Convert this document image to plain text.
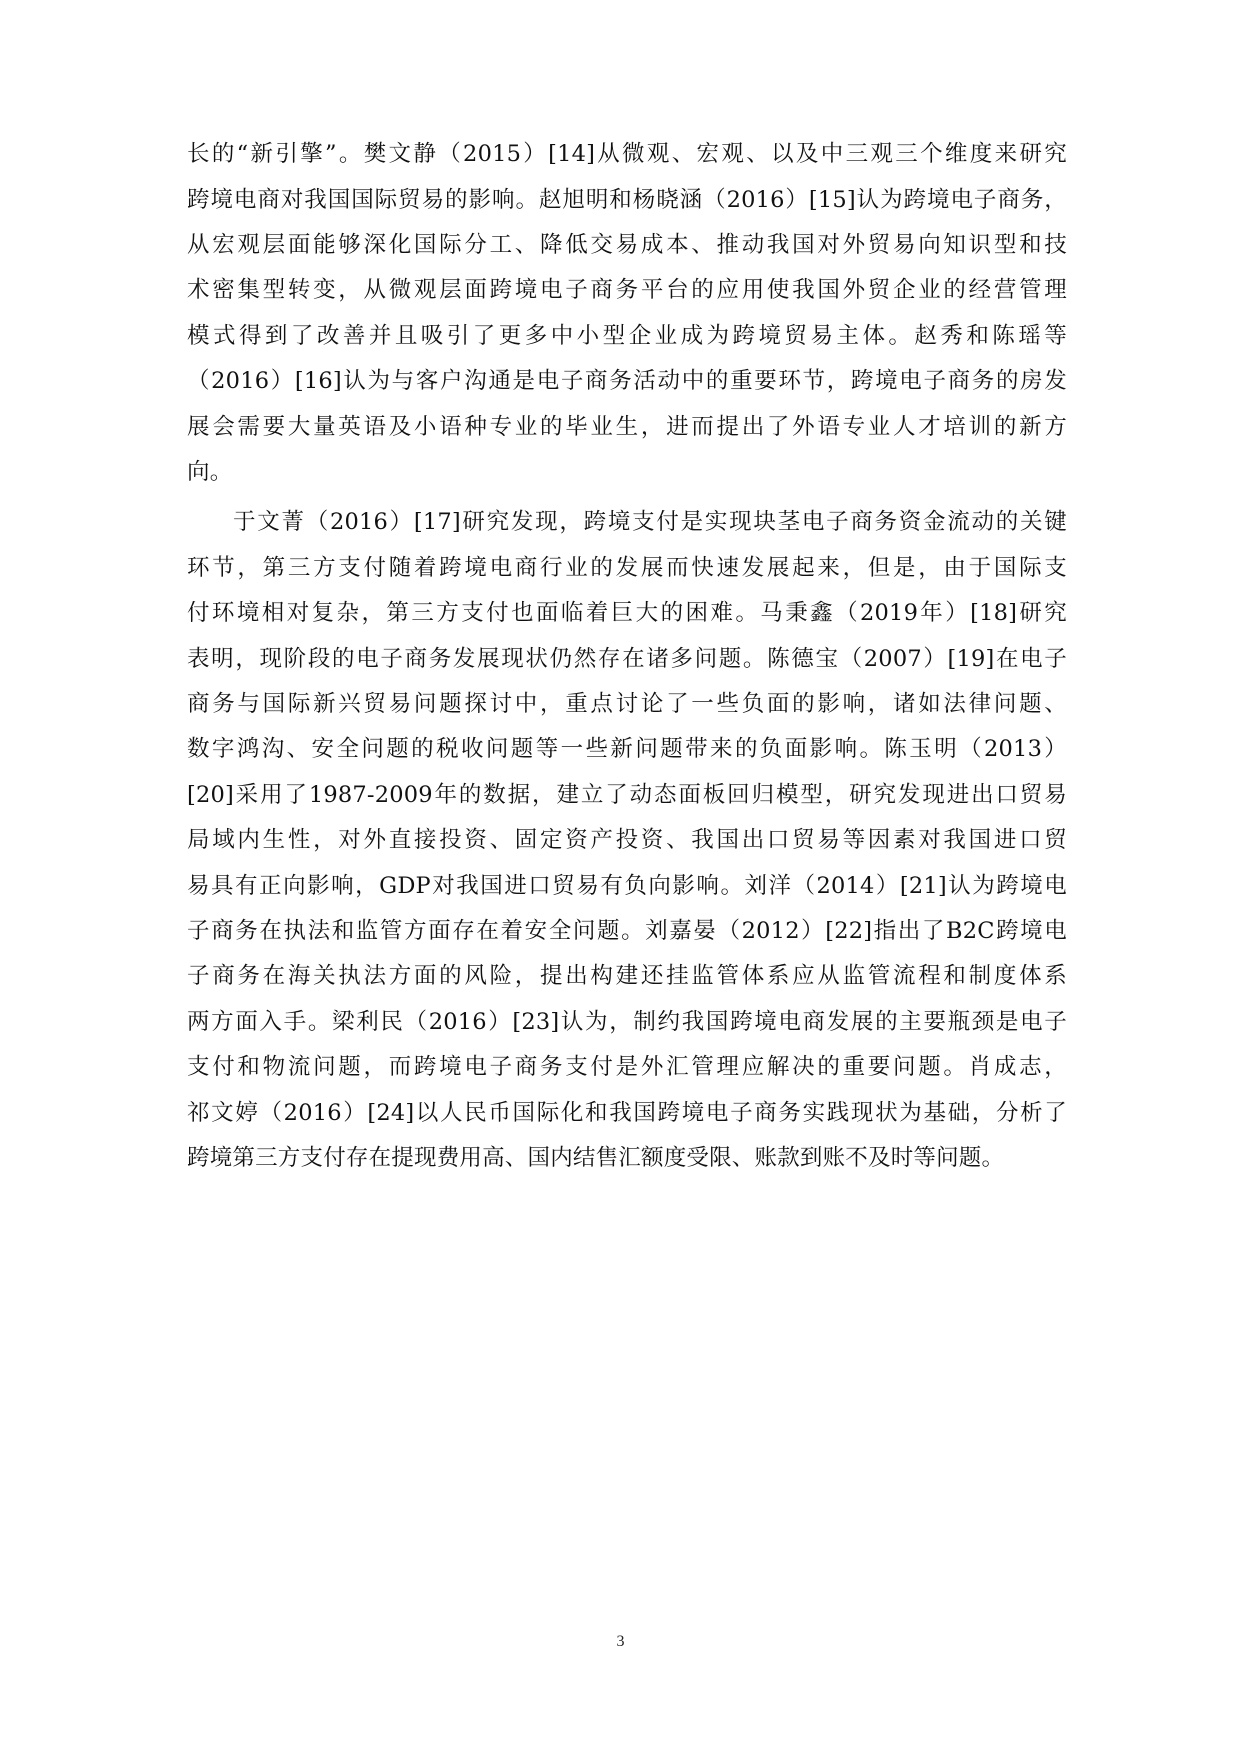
长的“新引擎”。樊文静（2015）[14]从微观、宏观、以及中三观三个维度来研究
跨境电商对我国国际贸易的影响。赵旭明和杨晓涵（2016）[15]认为跨境电子商务，
从宏观层面能够深化国际分工、降低交易成本、推动我国对外贸易向知识型和技
术密集型转变，从微观层面跨境电子商务平台的应用使我国外贸企业的经营管理
模式得到了改善并且吸引了更多中小型企业成为跨境贸易主体。赵秀和陈瑶等
（2016）[16]认为与客户沟通是电子商务活动中的重要环节，跨境电子商务的房发
展会需要大量英语及小语种专业的毕业生，进而提出了外语专业人才培训的新方
向。
于文菁（2016）[17]研究发现，跨境支付是实现块茎电子商务资金流动的关键
环节，第三方支付随着跨境电商行业的发展而快速发展起来，但是，由于国际支
付环境相对复杂，第三方支付也面临着巨大的困难。马秉鑫（2019年）[18]研究
表明，现阶段的电子商务发展现状仍然存在诸多问题。陈德宝（2007）[19]在电子
商务与国际新兴贸易问题探讨中，重点讨论了一些负面的影响，诸如法律问题、
数字鸿沟、安全问题的税收问题等一些新问题带来的负面影响。陈玉明（2013）
[20]采用了1987-2009年的数据，建立了动态面板回归模型，研究发现进出口贸易
局域内生性，对外直接投资、固定资产投资、我国出口贸易等因素对我国进口贸
易具有正向影响，GDP对我国进口贸易有负向影响。刘洋（2014）[21]认为跨境电
子商务在执法和监管方面存在着安全问题。刘嘉晏（2012）[22]指出了B2C跨境电
子商务在海关执法方面的风险，提出构建还挂监管体系应从监管流程和制度体系
两方面入手。梁利民（2016）[23]认为，制约我国跨境电商发展的主要瓶颈是电子
支付和物流问题，而跨境电子商务支付是外汇管理应解决的重要问题。肖成志，
祁文婷（2016）[24]以人民币国际化和我国跨境电子商务实践现状为基础，分析了
跨境第三方支付存在提现费用高、国内结售汇额度受限、账款到账不及时等问题。
3
